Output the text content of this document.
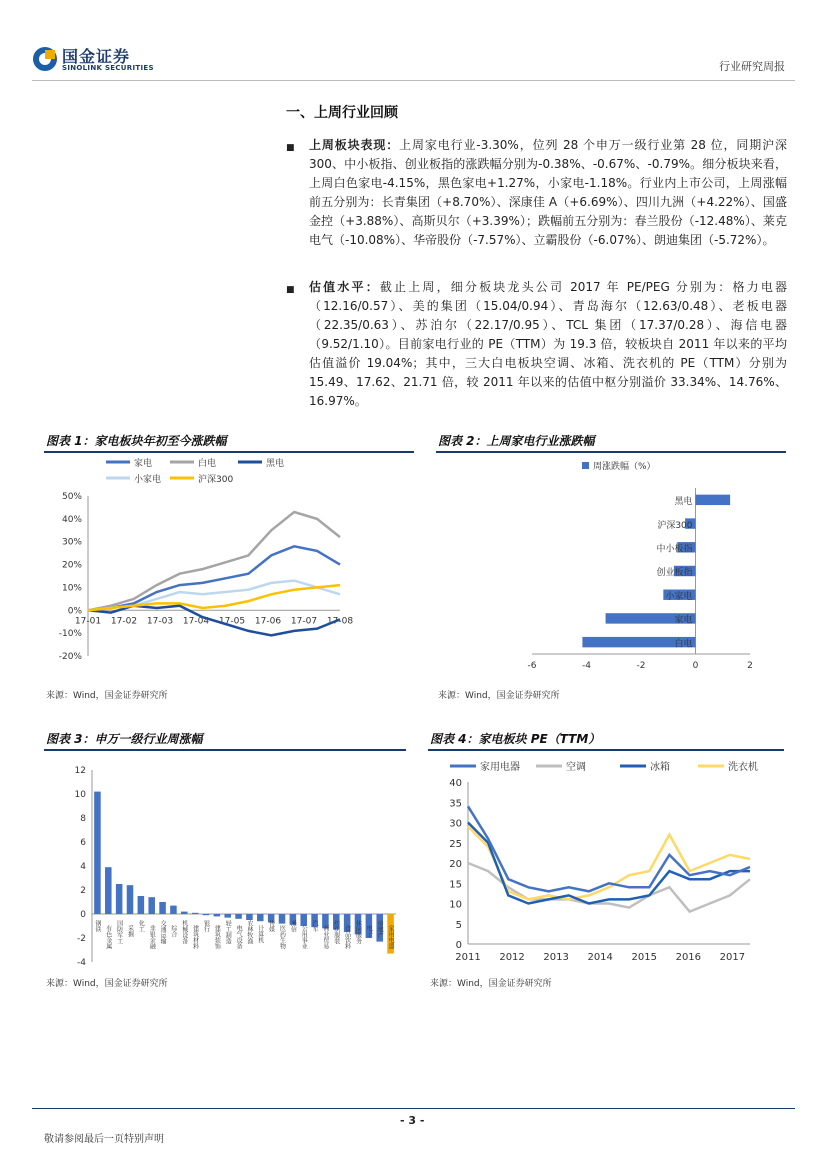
国金证券
SINOLINK SECURITIES	行业研究周报
一、上周行业回顾
■ 上周板块表现：上周家电行业-3.30%，位列 28 个申万一级行业第 28 位，同期沪深 300、中小板指、创业板指的涨跌幅分别为-0.38%、-0.67%、-0.79%。细分板块来看，上周白色家电-4.15%，黑色家电+1.27%，小家电-1.18%。行业内上市公司，上周涨幅前五分别为：长青集团（+8.70%）、深康佳 A（+6.69%）、四川九洲（+4.22%）、国盛金控（+3.88%）、高斯贝尔（+3.39%）；跌幅前五分别为：春兰股份（-12.48%）、莱克电气（-10.08%）、华帝股份（-7.57%）、立霸股份（-6.07%）、朗迪集团（-5.72%）。
■ 估值水平：截止上周，细分板块龙头公司 2017 年 PE/PEG 分别为：格力电器（12.16/0.57）、美的集团（15.04/0.94）、青岛海尔（12.63/0.48）、老板电器（22.35/0.63）、苏泊尔（22.17/0.95）、TCL 集团（17.37/0.28）、海信电器（9.52/1.10）。目前家电行业的 PE（TTM）为 19.3 倍，较板块自 2011 年以来的平均估值溢价 19.04%；其中，三大白电板块空调、冰箱、洗衣机的 PE（TTM）分别为 15.49、17.62、21.71 倍，较 2011 年以来的估值中枢分别溢价 33.34%、14.76%、16.97%。
图表 1：家电板块年初至今涨跌幅
家电	白电	黑电
小家电	沪深300
50%
40%
30%
20%
10%
0%
-10%
-20%
17-01 17-02 17-03 17-04 17-05 17-06 17-07 17-08
来源：Wind，国金证券研究所
图表 2：上周家电行业涨跌幅
周涨跌幅（%）
-6	-4	-2	0	2
黑电
沪深300
中小板指
创业板指
小家电
家电
白电
来源：Wind，国金证券研究所
图表 3：申万一级行业周涨幅
12
10
8
6
4
2
0
-2
-4
钢铁 有色金属 国防军工 采掘 化工 非银金融 交通运输 综合 机械设备 建筑材料 银行 建筑装饰 轻工制造 电气设备 农林牧渔 计算机 传媒 医药生物 通信 公用事业 汽车 商业贸易 纺织服装 食品饮料 休闲服务 电子 房地产 家用电器
来源：Wind，国金证券研究所
图表 4：家电板块 PE（TTM）
家用电器	空调	冰箱	洗衣机
40
35
30
25
20
15
10
5
0
2011 2012 2013 2014 2015 2016 2017
来源：Wind，国金证券研究所
- 3 -
敬请参阅最后一页特别声明
